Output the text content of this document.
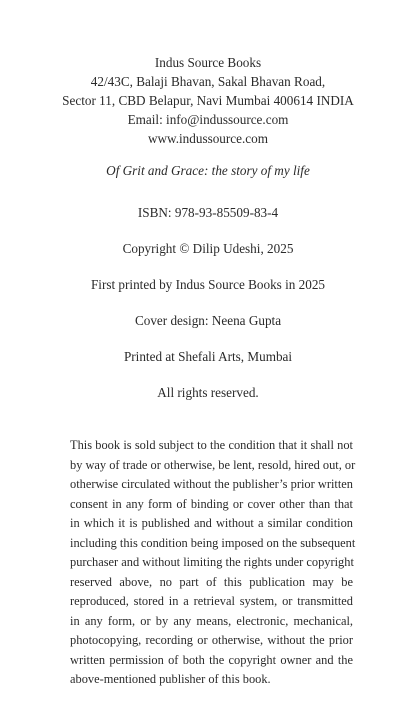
Indus Source Books
42/43C, Balaji Bhavan, Sakal Bhavan Road,
Sector 11, CBD Belapur, Navi Mumbai 400614 INDIA
Email: info@indussource.com
www.indussource.com
Of Grit and Grace: the story of my life
ISBN: 978-93-85509-83-4
Copyright © Dilip Udeshi, 2025
First printed by Indus Source Books in 2025
Cover design: Neena Gupta
Printed at Shefali Arts, Mumbai
All rights reserved.
This book is sold subject to the condition that it shall not
by way of trade or otherwise, be lent, resold, hired out, or
otherwise circulated without the publisher’s prior written
consent in any form of binding or cover other than that
in which it is published and without a similar condition
including this condition being imposed on the subsequent
purchaser and without limiting the rights under copyright
reserved above, no part of this publication may be
reproduced, stored in a retrieval system, or transmitted
in any form, or by any means, electronic, mechanical,
photocopying, recording or otherwise, without the prior
written permission of both the copyright owner and the
above-mentioned publisher of this book.
